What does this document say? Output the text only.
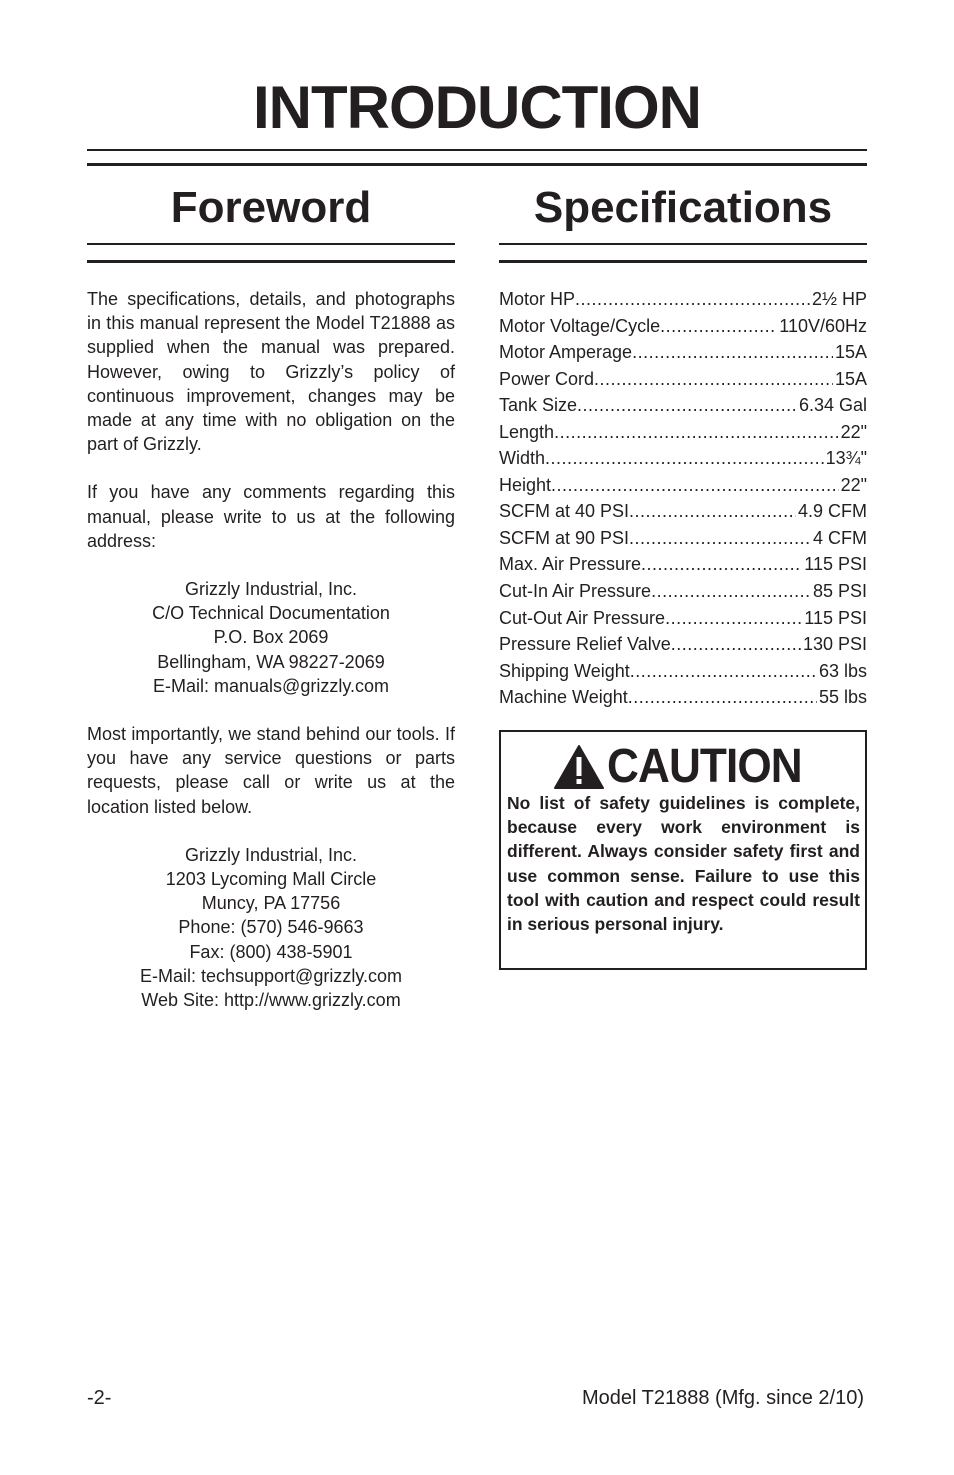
INTRODUCTION
Foreword	Specifications

The specifications, details, and photographs in this manual represent the Model T21888 as supplied when the manual was prepared. However, owing to Grizzly’s policy of continuous improvement, changes may be made at any time with no obligation on the part of Grizzly.

If you have any comments regarding this manual, please write to us at the following address:

Grizzly Industrial, Inc.
C/O Technical Documentation
P.O. Box 2069
Bellingham, WA 98227-2069
E-Mail: manuals@grizzly.com

Most importantly, we stand behind our tools. If you have any service questions or parts requests, please call or write us at the location listed below.

Grizzly Industrial, Inc.
1203 Lycoming Mall Circle
Muncy, PA 17756
Phone: (570) 546-9663
Fax: (800) 438-5901
E-Mail: techsupport@grizzly.com
Web Site: http://www.grizzly.com
Motor HP .....	2½ HP
Motor Voltage/Cycle .....	110V/60Hz
Motor Amperage .....	15A
Power Cord .....	15A
Tank Size .....	6.34 Gal
Length .....	22"
Width .....	13¾"
Height .....	22"
SCFM at 40 PSI .....	4.9 CFM
SCFM at 90 PSI .....	4 CFM
Max. Air Pressure .....	115 PSI
Cut-In Air Pressure .....	85 PSI
Cut-Out Air Pressure .....	115 PSI
Pressure Relief Valve .....	130 PSI
Shipping Weight .....	63 lbs
Machine Weight .....	55 lbs
CAUTION
No list of safety guidelines is complete, because every work environment is different. Always consider safety first and use common sense. Failure to use this tool with caution and respect could result in serious personal injury.
-2-	Model T21888 (Mfg. since 2/10)
